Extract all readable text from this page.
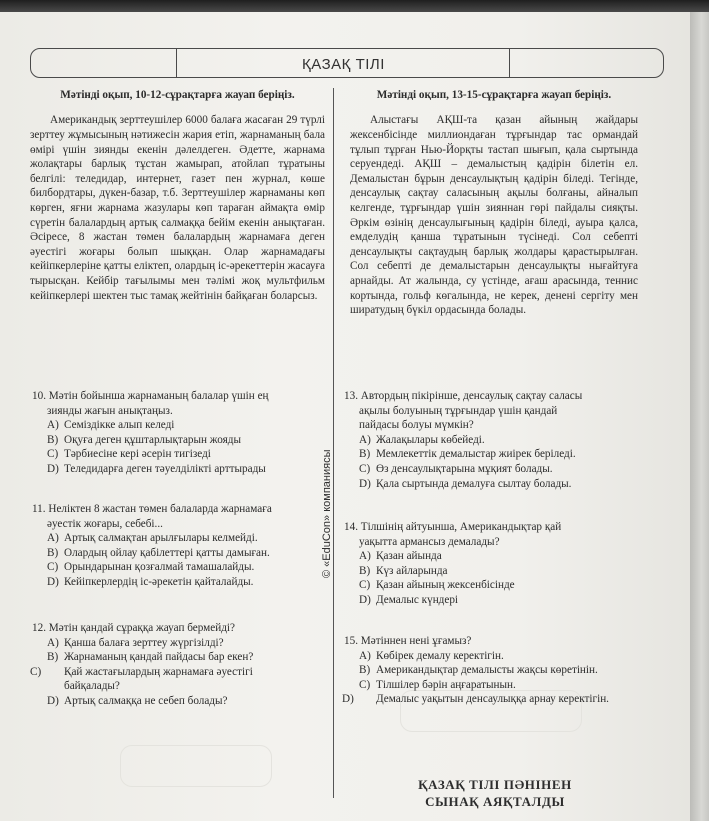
ҚАЗАҚ ТІЛІ

Мәтінді оқып, 10-12-сұрақтарға жауап беріңіз.

Американдық зерттеушілер 6000 балаға жасаған 29 түрлі зерттеу жұмысының нәтижесін жария етіп, жарнаманың бала өмірі үшін зиянды екенін дәлелдеген. Әдетте, жарнама жолақтары барлық тұстан жамырап, атойлап тұратыны белгілі: теледидар, интернет, газет пен журнал, көше билбордтары, дүкен-базар, т.б. Зерттеушілер жарнаманы көп көрген, яғни жарнама жазулары көп тараған аймақта өмір сүретін балалардың артық салмаққа бейім екенін анықтаған. Әсіресе, 8 жастан төмен балалардың жарнамаға деген әуестігі жоғары болып шыққан. Олар жарнамадағы кейіпкерлеріне қатты еліктеп, олардың іс-әрекеттерін жасауға тырысқан. Кейбір тағылымы мен тәлімі жоқ мультфильм кейіпкерлері шектен тыс тамақ жейтінін байқаған боларсыз.

10. Мәтін бойынша жарнаманың балалар үшін ең

зиянды жағын анықтаңыз.

A) Семіздікке алып келеді

B) Оқуға деген құштарлықтарын жояды

C) Тәрбиесіне кері әсерін тигізеді

D) Теледидарға деген тәуелділікті арттырады

11. Неліктен 8 жастан төмен балаларда жарнамаға

әуестік жоғары, себебі...

A) Артық салмақтан арылғылары келмейді.

B) Олардың ойлау қабілеттері қатты дамыған.

C) Орындарынан қозғалмай тамашалайды.

D) Кейіпкерлердің іс-әрекетін қайталайды.

12. Мәтін қандай сұраққа жауап бермейді?

A) Қанша балаға зерттеу жүргізілді?

B) Жарнаманың қандай пайдасы бар екен?

C) Қай жастағылардың жарнамаға әуестігі байқалады?

D) Артық салмаққа не себеп болады?

Мәтінді оқып, 13-15-сұрақтарға жауап беріңіз.

Алыстағы АҚШ-та қазан айының жайдары жексенбісінде миллиондаған тұрғындар тас ормандай тұлып тұрған Нью-Йорқты тастап шығып, қала сыртында серуендеді. АҚШ – демалыстың қадірін білетін ел. Демалыстан бұрын денсаулықтың қадірін біледі. Тегінде, денсаулық сақтау саласының ақылы болғаны, айналып келгенде, тұрғындар үшін зияннан гөрі пайдалы сияқты. Әркім өзінің денсаулығының қадірін біледі, ауыра қалса, емделудің қанша тұратынын түсінеді. Сол себепті денсаулықты сақтаудың барлық жолдары қарастырылған. Сол себепті де демалыстарын денсаулықты нығайтуға арнайды. Ат жалында, су үстінде, ағаш арасында, теннис кортында, гольф көгалында, не керек, денені сергіту мен ширатудың бүкіл ордасында болады.

13. Автордың пікірінше, денсаулық сақтау саласы

ақылы болуының тұрғындар үшін қандай

пайдасы болуы мүмкін?

A) Жалақылары көбейеді.

B) Мемлекеттік демалыстар жиірек беріледі.

C) Өз денсаулықтарына мұқият болады.

D) Қала сыртында демалуға сылтау болады.

14. Тілшінің айтуынша, Американдықтар қай

уақытта армансыз демалады?

A) Қазан айында

B) Күз айларында

C) Қазан айының жексенбісінде

D) Демалыс күндері

15. Мәтіннен нені ұғамыз?

A) Көбірек демалу керектігін.

B) Американдықтар демалысты жақсы көретінін.

C) Тілшілер бәрін аңғаратынын.

D) Демалыс уақытын денсаулыққа арнау керектігін.

© «EduCon» компаниясы
ҚАЗАҚ ТІЛІ ПӘНІНЕН
СЫНАҚ АЯҚТАЛДЫ
